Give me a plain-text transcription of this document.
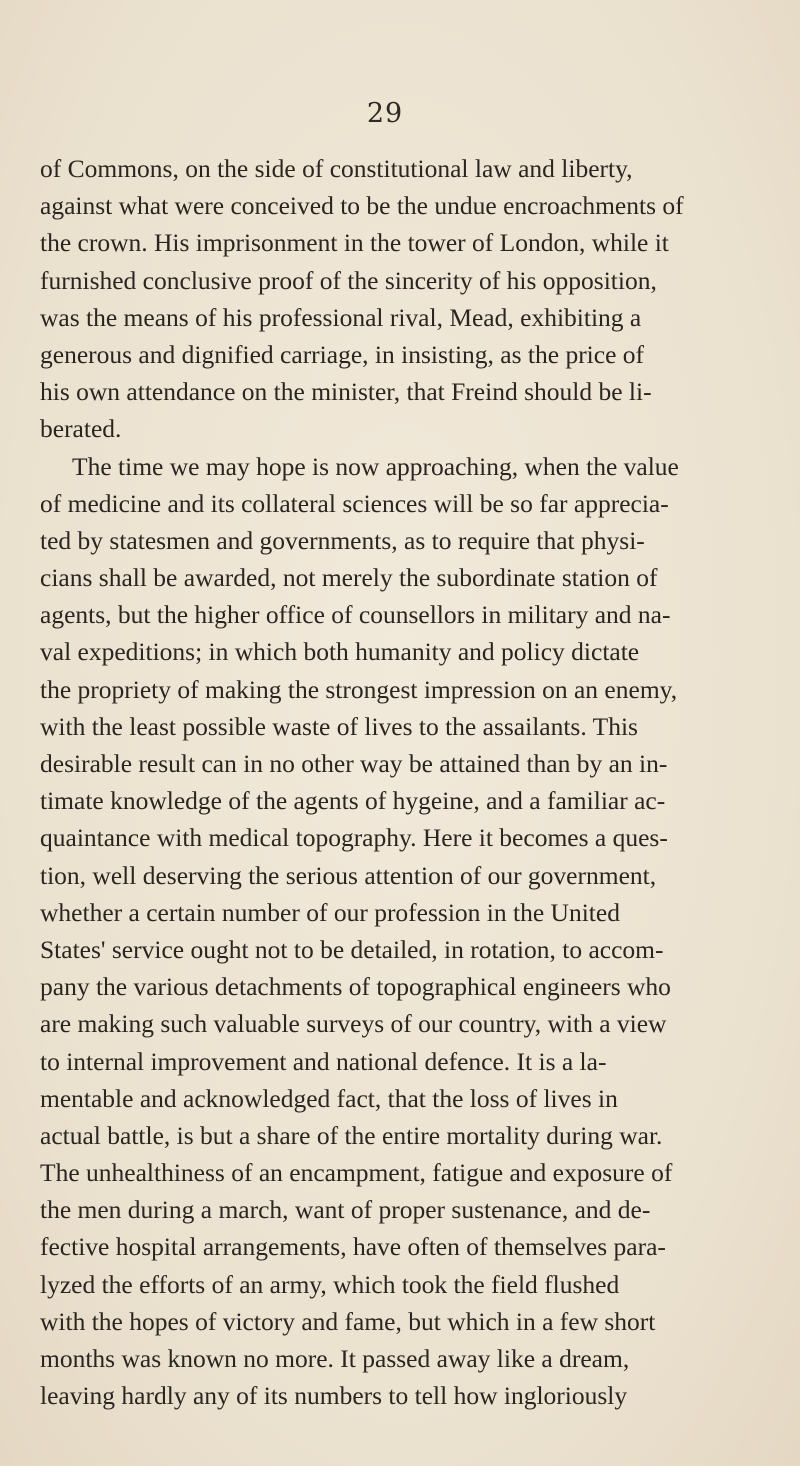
29
of Commons, on the side of constitutional law and liberty,
against what were conceived to be the undue encroachments of
the crown. His imprisonment in the tower of London, while it
furnished conclusive proof of the sincerity of his opposition,
was the means of his professional rival, Mead, exhibiting a
generous and dignified carriage, in insisting, as the price of
his own attendance on the minister, that Freind should be li-
berated.
The time we may hope is now approaching, when the value
of medicine and its collateral sciences will be so far apprecia-
ted by statesmen and governments, as to require that physi-
cians shall be awarded, not merely the subordinate station of
agents, but the higher office of counsellors in military and na-
val expeditions; in which both humanity and policy dictate
the propriety of making the strongest impression on an enemy,
with the least possible waste of lives to the assailants. This
desirable result can in no other way be attained than by an in-
timate knowledge of the agents of hygeine, and a familiar ac-
quaintance with medical topography. Here it becomes a ques-
tion, well deserving the serious attention of our government,
whether a certain number of our profession in the United
States' service ought not to be detailed, in rotation, to accom-
pany the various detachments of topographical engineers who
are making such valuable surveys of our country, with a view
to internal improvement and national defence. It is a la-
mentable and acknowledged fact, that the loss of lives in
actual battle, is but a share of the entire mortality during war.
The unhealthiness of an encampment, fatigue and exposure of
the men during a march, want of proper sustenance, and de-
fective hospital arrangements, have often of themselves para-
lyzed the efforts of an army, which took the field flushed
with the hopes of victory and fame, but which in a few short
months was known no more. It passed away like a dream,
leaving hardly any of its numbers to tell how ingloriously
